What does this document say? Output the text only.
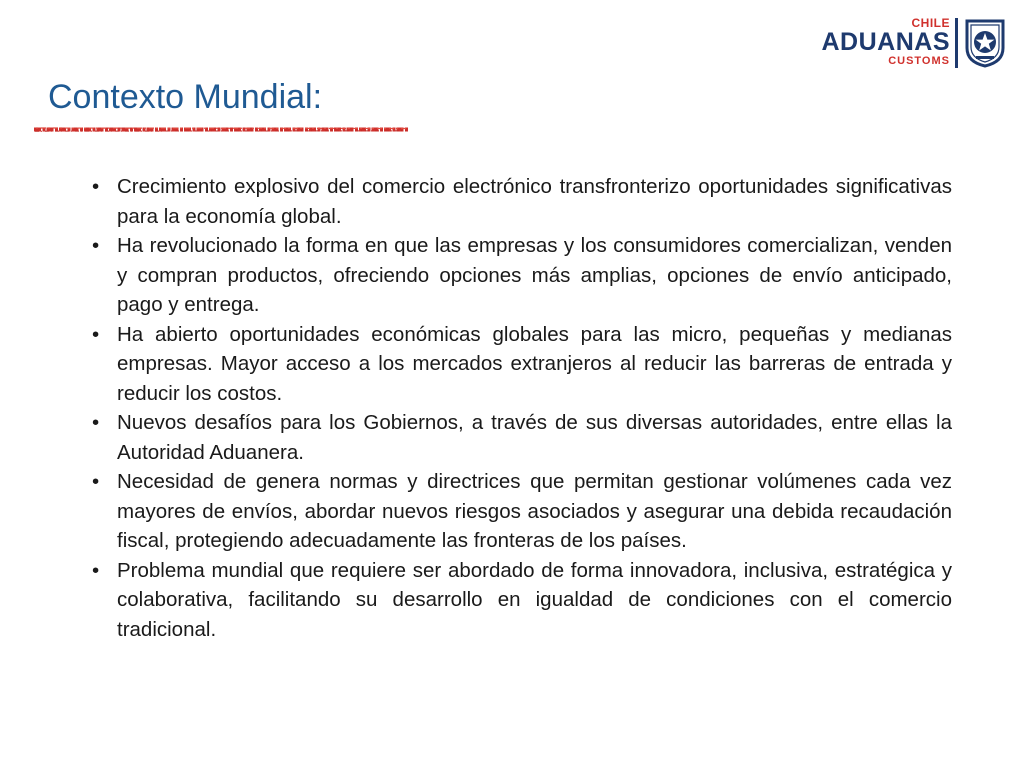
CHILE
ADUANAS
CUSTOMS
Contexto Mundial:
• Crecimiento explosivo del comercio electrónico transfronterizo oportunidades significativas para la economía global.
• Ha revolucionado la forma en que las empresas y los consumidores comercializan, venden y compran productos, ofreciendo opciones más amplias, opciones de envío anticipado, pago y entrega.
• Ha abierto oportunidades económicas globales para las micro, pequeñas y medianas empresas. Mayor acceso a los mercados extranjeros al reducir las barreras de entrada y reducir los costos.
• Nuevos desafíos para los Gobiernos, a través de sus diversas autoridades, entre ellas la Autoridad Aduanera.
• Necesidad de genera normas y directrices que permitan gestionar volúmenes cada vez mayores de envíos, abordar nuevos riesgos asociados y asegurar una debida recaudación fiscal, protegiendo adecuadamente las fronteras de los países.
• Problema mundial que requiere ser abordado de forma innovadora, inclusiva, estratégica y colaborativa, facilitando su desarrollo en igualdad de condiciones con el comercio tradicional.
